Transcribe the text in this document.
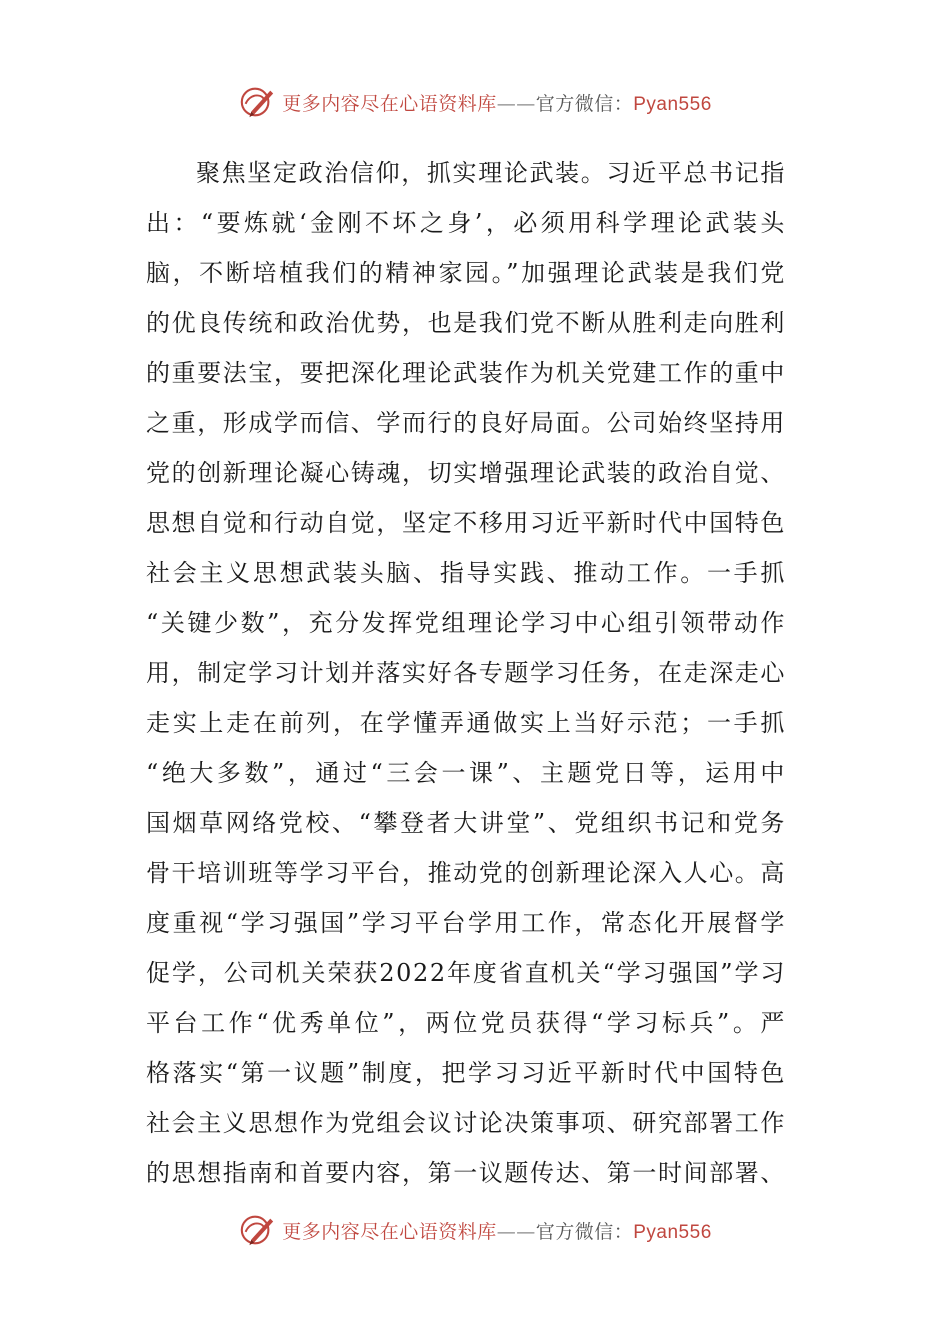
更多内容尽在心语资料库——官方微信：Pyan556
聚焦坚定政治信仰，抓实理论武装。习近平总书记指
出：“要炼就‘金刚不坏之身’，必须用科学理论武装头
脑，不断培植我们的精神家园。”加强理论武装是我们党
的优良传统和政治优势，也是我们党不断从胜利走向胜利
的重要法宝，要把深化理论武装作为机关党建工作的重中
之重，形成学而信、学而行的良好局面。公司始终坚持用
党的创新理论凝心铸魂，切实增强理论武装的政治自觉、
思想自觉和行动自觉，坚定不移用习近平新时代中国特色
社会主义思想武装头脑、指导实践、推动工作。一手抓
“关键少数”，充分发挥党组理论学习中心组引领带动作
用，制定学习计划并落实好各专题学习任务，在走深走心
走实上走在前列，在学懂弄通做实上当好示范；一手抓
“绝大多数”，通过“三会一课”、主题党日等，运用中
国烟草网络党校、“攀登者大讲堂”、党组织书记和党务
骨干培训班等学习平台，推动党的创新理论深入人心。高
度重视“学习强国”学习平台学用工作，常态化开展督学
促学，公司机关荣获2022年度省直机关“学习强国”学习
平台工作“优秀单位”，两位党员获得“学习标兵”。严
格落实“第一议题”制度，把学习习近平新时代中国特色
社会主义思想作为党组会议讨论决策事项、研究部署工作
的思想指南和首要内容，第一议题传达、第一时间部署、
更多内容尽在心语资料库——官方微信：Pyan556
